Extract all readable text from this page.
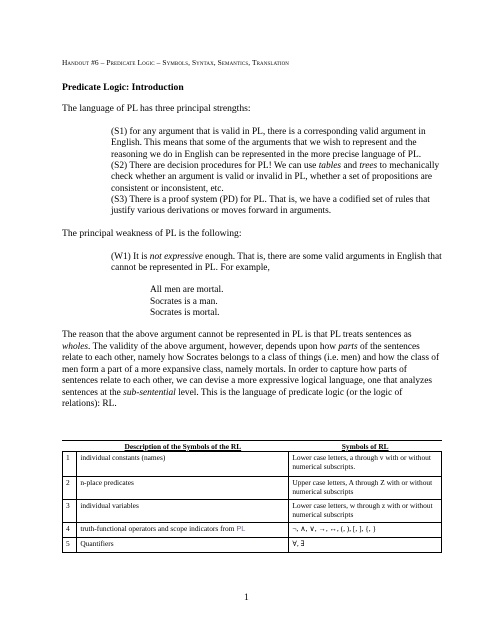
Handout #6 – Predicate Logic – Symbols, Syntax, Semantics, Translation

Predicate Logic: Introduction

The language of PL has three principal strengths:

(S1) for any argument that is valid in PL, there is a corresponding valid argument in English. This means that some of the arguments that we wish to represent and the reasoning we do in English can be represented in the more precise language of PL.

(S2) There are decision procedures for PL! We can use tables and trees to mechanically check whether an argument is valid or invalid in PL, whether a set of propositions are consistent or inconsistent, etc.

(S3) There is a proof system (PD) for PL. That is, we have a codified set of rules that justify various derivations or moves forward in arguments.

The principal weakness of PL is the following:

(W1) It is not expressive enough. That is, there are some valid arguments in English that cannot be represented in PL. For example,

All men are mortal.
Socrates is a man.
Socrates is mortal.

The reason that the above argument cannot be represented in PL is that PL treats sentences as wholes. The validity of the above argument, however, depends upon how parts of the sentences relate to each other, namely how Socrates belongs to a class of things (i.e. men) and how the class of men form a part of a more expansive class, namely mortals. In order to capture how parts of sentences relate to each other, we can devise a more expressive logical language, one that analyzes sentences at the sub-sentential level. This is the language of predicate logic (or the logic of relations): RL.

	Description of the Symbols of the RL	Symbols of RL
1	individual constants (names)	Lower case letters, a through v with or without numerical subscripts.
2	n-place predicates	Upper case letters, A through Z with or without numerical subscripts
3	individual variables	Lower case letters, w through z with or without numerical subscripts
4	truth-functional operators and scope indicators from PL	¬, ∧, ∨, →, ↔, (, ), [, ], {, }
5	Quantifiers	∀, ∃

1
